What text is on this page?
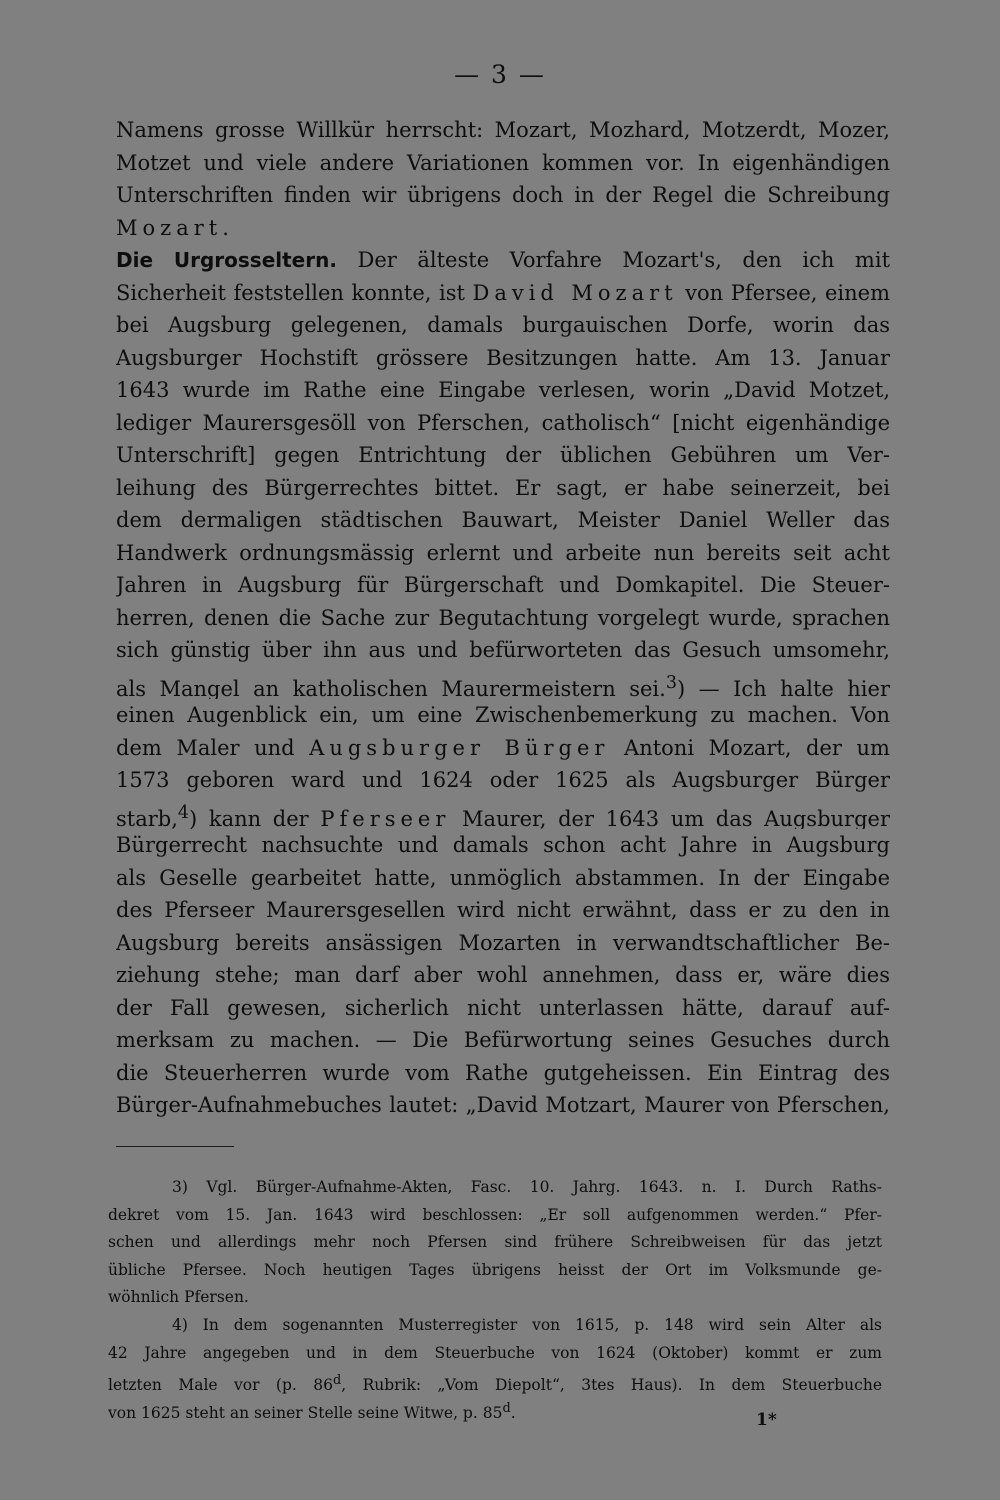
— 3 —
Namens grosse Willkür herrscht: Mozart, Mozhard, Motzerdt, Mozer,
Motzet und viele andere Variationen kommen vor. In eigenhändigen
Unterschriften finden wir übrigens doch in der Regel die Schreibung
Mozart.
Die Urgrosseltern. Der älteste Vorfahre Mozart's, den ich mit
Sicherheit feststellen konnte, ist David Mozart von Pfersee, einem
bei Augsburg gelegenen, damals burgauischen Dorfe, worin das
Augsburger Hochstift grössere Besitzungen hatte. Am 13. Januar
1643 wurde im Rathe eine Eingabe verlesen, worin „David Motzet,
lediger Maurersgesöll von Pferschen, catholisch“ [nicht eigenhändige
Unterschrift] gegen Entrichtung der üblichen Gebühren um Ver-
leihung des Bürgerrechtes bittet. Er sagt, er habe seinerzeit, bei
dem dermaligen städtischen Bauwart, Meister Daniel Weller das
Handwerk ordnungsmässig erlernt und arbeite nun bereits seit acht
Jahren in Augsburg für Bürgerschaft und Domkapitel. Die Steuer-
herren, denen die Sache zur Begutachtung vorgelegt wurde, sprachen
sich günstig über ihn aus und befürworteten das Gesuch umsomehr,
als Mangel an katholischen Maurermeistern sei.$^3$) — Ich halte hier
einen Augenblick ein, um eine Zwischenbemerkung zu machen. Von
dem Maler und Augsburger Bürger Antoni Mozart, der um
1573 geboren ward und 1624 oder 1625 als Augsburger Bürger
starb,$^4$) kann der Pferseer Maurer, der 1643 um das Augsburger
Bürgerrecht nachsuchte und damals schon acht Jahre in Augsburg
als Geselle gearbeitet hatte, unmöglich abstammen. In der Eingabe
des Pferseer Maurersgesellen wird nicht erwähnt, dass er zu den in
Augsburg bereits ansässigen Mozarten in verwandtschaftlicher Be-
ziehung stehe; man darf aber wohl annehmen, dass er, wäre dies
der Fall gewesen, sicherlich nicht unterlassen hätte, darauf auf-
merksam zu machen. — Die Befürwortung seines Gesuches durch
die Steuerherren wurde vom Rathe gutgeheissen. Ein Eintrag des
Bürger-Aufnahmebuches lautet: „David Motzart, Maurer von Pferschen,
3) Vgl. Bürger-Aufnahme-Akten, Fasc. 10. Jahrg. 1643. n. I. Durch Raths-
dekret vom 15. Jan. 1643 wird beschlossen: „Er soll aufgenommen werden.“ Pfer-
schen und allerdings mehr noch Pfersen sind frühere Schreibweisen für das jetzt
übliche Pfersee. Noch heutigen Tages übrigens heisst der Ort im Volksmunde ge-
wöhnlich Pfersen.
4) In dem sogenannten Musterregister von 1615, p. 148 wird sein Alter als
42 Jahre angegeben und in dem Steuerbuche von 1624 (Oktober) kommt er zum
letzten Male vor (p. 86$^d$, Rubrik: „Vom Diepolt“, 3tes Haus). In dem Steuerbuche
von 1625 steht an seiner Stelle seine Witwe, p. 85$^d$.	1*
